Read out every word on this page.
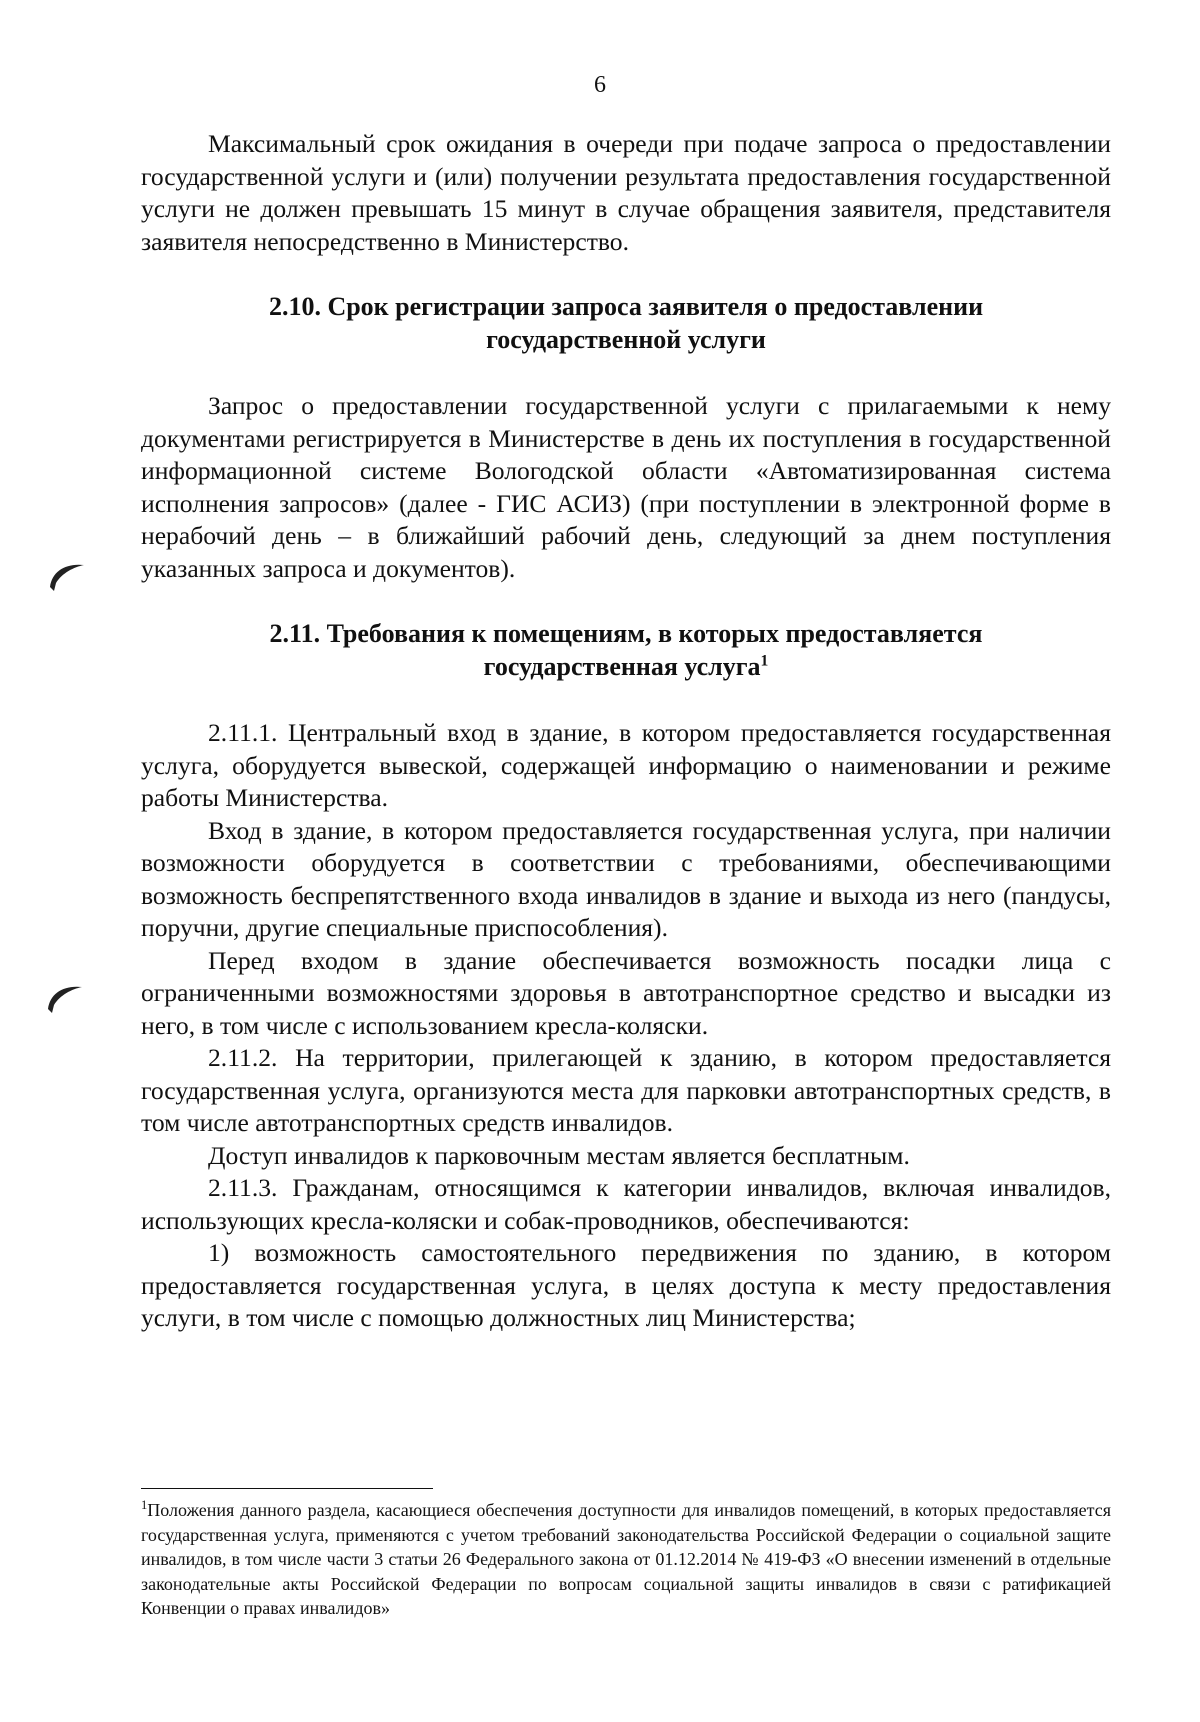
6

Максимальный срок ожидания в очереди при подаче запроса о предоставлении государственной услуги и (или) получении результата предоставления государственной услуги не должен превышать 15 минут в случае обращения заявителя, представителя заявителя непосредственно в Министерство.

2.10. Срок регистрации запроса заявителя о предоставлении государственной услуги

Запрос о предоставлении государственной услуги с прилагаемыми к нему документами регистрируется в Министерстве в день их поступления в государственной информационной системе Вологодской области «Автоматизированная система исполнения запросов» (далее - ГИС АСИЗ) (при поступлении в электронной форме в нерабочий день – в ближайший рабочий день, следующий за днем поступления указанных запроса и документов).

2.11. Требования к помещениям, в которых предоставляется государственная услуга$^1$

2.11.1. Центральный вход в здание, в котором предоставляется государственная услуга, оборудуется вывеской, содержащей информацию о наименовании и режиме работы Министерства.

Вход в здание, в котором предоставляется государственная услуга, при наличии возможности оборудуется в соответствии с требованиями, обеспечивающими возможность беспрепятственного входа инвалидов в здание и выхода из него (пандусы, поручни, другие специальные приспособления).

Перед входом в здание обеспечивается возможность посадки лица с ограниченными возможностями здоровья в автотранспортное средство и высадки из него, в том числе с использованием кресла-коляски.

2.11.2. На территории, прилегающей к зданию, в котором предоставляется государственная услуга, организуются места для парковки автотранспортных средств, в том числе автотранспортных средств инвалидов.

Доступ инвалидов к парковочным местам является бесплатным.

2.11.3. Гражданам, относящимся к категории инвалидов, включая инвалидов, использующих кресла-коляски и собак-проводников, обеспечиваются:

1) возможность самостоятельного передвижения по зданию, в котором предоставляется государственная услуга, в целях доступа к месту предоставления услуги, в том числе с помощью должностных лиц Министерства;

$^1$Положения данного раздела, касающиеся обеспечения доступности для инвалидов помещений, в которых предоставляется государственная услуга, применяются с учетом требований законодательства Российской Федерации о социальной защите инвалидов, в том числе части 3 статьи 26 Федерального закона от 01.12.2014 № 419-ФЗ «О внесении изменений в отдельные законодательные акты Российской Федерации по вопросам социальной защиты инвалидов в связи с ратификацией Конвенции о правах инвалидов»
